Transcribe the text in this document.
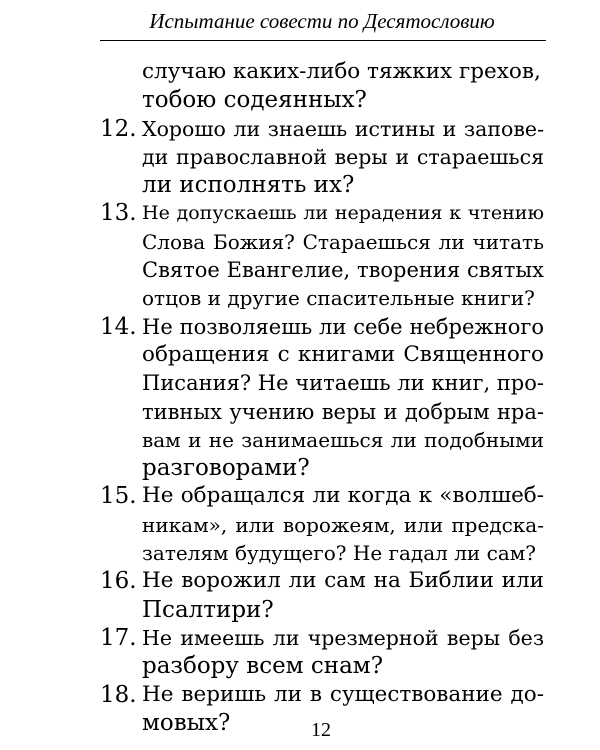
Испытание совести по Десятословию
случаю каких-либо тяжких грехов,
тобою содеянных?
12. Хорошо ли знаешь истины и запове-
ди православной веры и стараешься
ли исполнять их?
13. Не допускаешь ли нерадения к чтению
Слова Божия? Стараешься ли читать
Святое Евангелие, творения святых
отцов и другие спасительные книги?
14. Не позволяешь ли себе небрежного
обращения с книгами Священного
Писания? Не читаешь ли книг, про-
тивных учению веры и добрым нра-
вам и не занимаешься ли подобными
разговорами?
15. Не обращался ли когда к «волшеб-
никам», или ворожеям, или предска-
зателям будущего? Не гадал ли сам?
16. Не ворожил ли сам на Библии или
Псалтири?
17. Не имеешь ли чрезмерной веры без
разбору всем снам?
18. Не веришь ли в существование до-
мовых?	12
